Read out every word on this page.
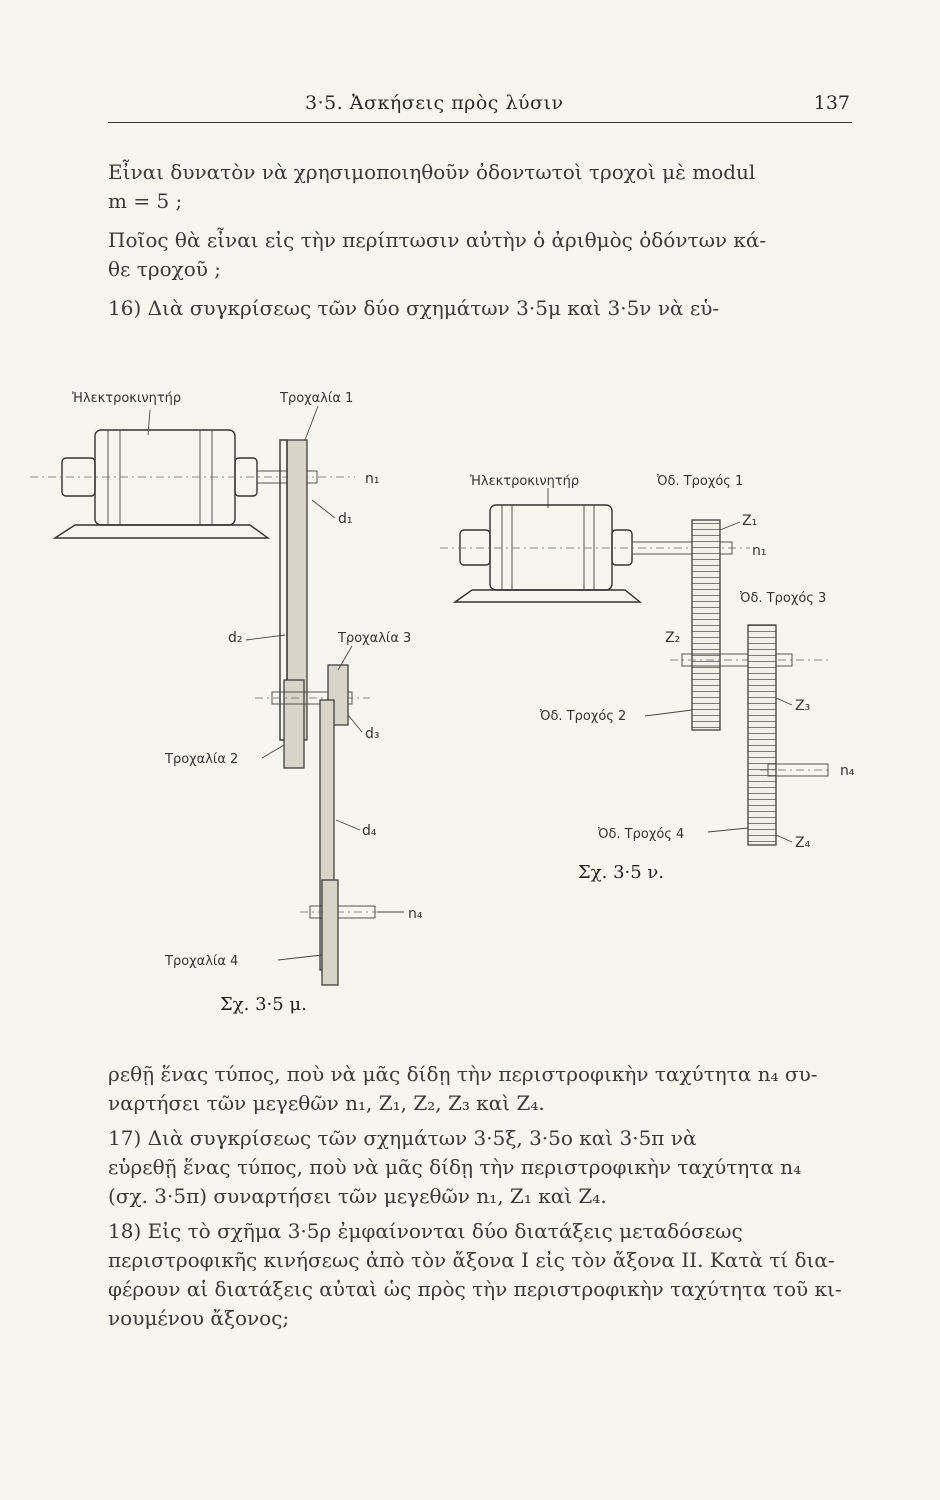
3·5. Ἀσκήσεις πρὸς λύσιν	137

Εἶναι δυνατὸν νὰ χρησιμοποιηθοῦν ὀδοντωτοὶ τροχοὶ μὲ modul

m = 5 ;

Ποῖος θὰ εἶναι εἰς τὴν περίπτωσιν αὐτὴν ὁ ἀριθμὸς ὀδόντων κά-

θε τροχοῦ ;

16) Διὰ συγκρίσεως τῶν δύο σχημάτων 3·5μ καὶ 3·5ν νὰ εὑ-

Ἠλεκτροκινητήρ	Τροχαλία 1
n₁
d₁
d₂	Τροχαλία 3
d₃
Τροχαλία 2
d₄
n₄
Τροχαλία 4
Σχ. 3·5 μ.
Ἠλεκτροκινητήρ	Ὀδ. Τροχός 1
Z₁
n₁
Ὀδ. Τροχός 3
Z₂
Z₃
Ὀδ. Τροχός 2
n₄
Ὀδ. Τροχός 4
Z₄
Σχ. 3·5 ν.

ρεθῇ ἕνας τύπος, ποὺ νὰ μᾶς δίδῃ τὴν περιστροφικὴν ταχύτητα n₄ συ-

ναρτήσει τῶν μεγεθῶν n₁, Z₁, Z₂, Z₃ καὶ Z₄.

17) Διὰ συγκρίσεως τῶν σχημάτων 3·5ξ, 3·5ο καὶ 3·5π νὰ

εὑρεθῇ ἕνας τύπος, ποὺ νὰ μᾶς δίδῃ τὴν περιστροφικὴν ταχύτητα n₄

(σχ. 3·5π) συναρτήσει τῶν μεγεθῶν n₁, Z₁ καὶ Z₄.

18) Εἰς τὸ σχῆμα 3·5ρ ἐμφαίνονται δύο διατάξεις μεταδόσεως

περιστροφικῆς κινήσεως ἀπὸ τὸν ἄξονα I εἰς τὸν ἄξονα II. Κατὰ τί δια-

φέρουν αἱ διατάξεις αὐταὶ ὡς πρὸς τὴν περιστροφικὴν ταχύτητα τοῦ κι-

νουμένου ἄξονος;
